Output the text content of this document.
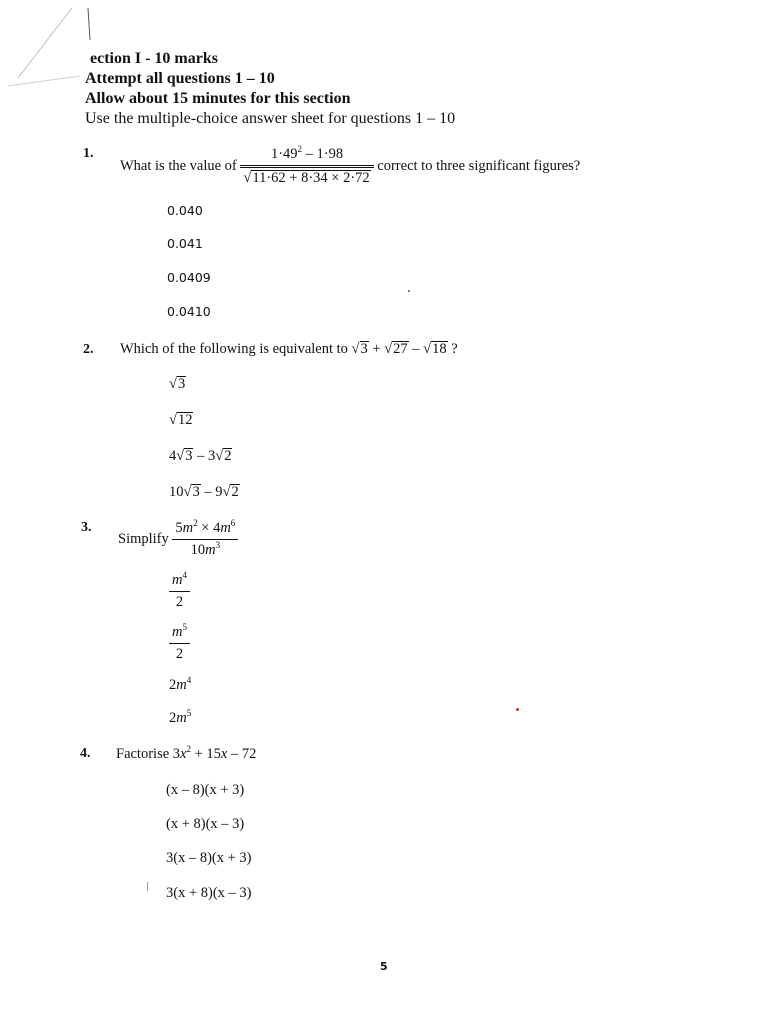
ection I - 10 marks
Attempt all questions 1 – 10
Allow about 15 minutes for this section
Use the multiple-choice answer sheet for questions 1 – 10
1.
What is the value of $\frac{1\cdot 49^2 - 1\cdot 98}{√11\cdot 62 + 8\cdot 34 \times 2\cdot 72}$ correct to three significant figures?
0.040
0.041
0.0409
0.0410
2. Which of the following is equivalent to √3 + √27 – √18 ?
√3
√12
4√3 – 3√2
10√3 – 9√2
3.
Simplify $\frac{5m^2 \times 4m^6}{10m^3}$
$\frac{m^4}{2}$
$\frac{m^5}{2}$
$2m^4$
$2m^5$
4. Factorise $3x^2 + 15x - 72$
(x – 8)(x + 3)
(x + 8)(x – 3)
3(x – 8)(x + 3)
3(x + 8)(x – 3)
5
